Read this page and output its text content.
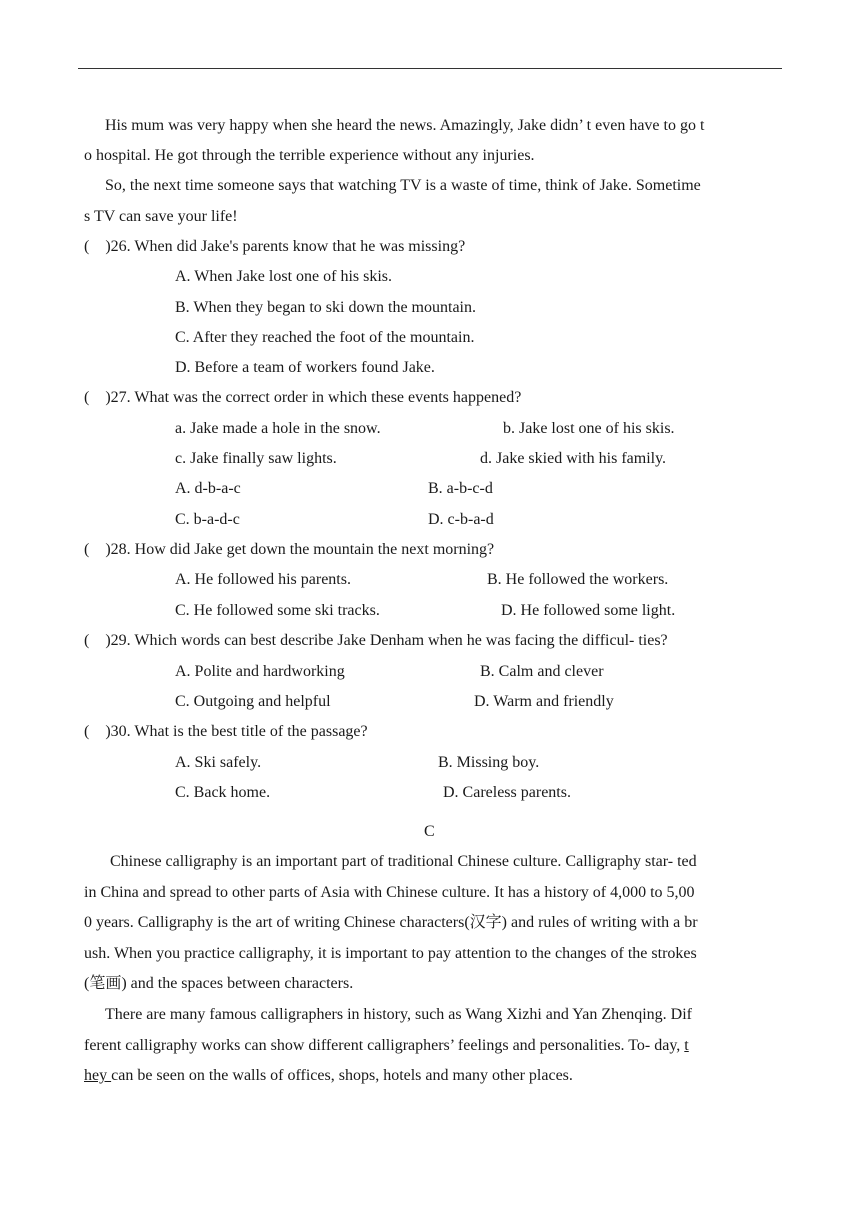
His mum was very happy when she heard the news. Amazingly, Jake didn’ t even have to go t
o hospital. He got through the terrible experience without any injuries.
So, the next time someone says that watching TV is a waste of time, think of Jake. Sometime
s TV can save your life!
(    )26. When did Jake's parents know that he was missing?
A. When Jake lost one of his skis.
B. When they began to ski down the mountain.
C. After they reached the foot of the mountain.
D. Before a team of workers found Jake.
(    )27. What was the correct order in which these events happened?
a. Jake made a hole in the snow.	b. Jake lost one of his skis.
c. Jake finally saw lights.	d. Jake skied with his family.
A. d-b-a-c	B. a-b-c-d
C. b-a-d-c	D. c-b-a-d
(    )28. How did Jake get down the mountain the next morning?
A. He followed his parents.	B. He followed the workers.
C. He followed some ski tracks.	D. He followed some light.
(    )29. Which words can best describe Jake Denham when he was facing the difficul- ties?
A. Polite and hardworking	B. Calm and clever
C. Outgoing and helpful	D. Warm and friendly
(    )30. What is the best title of the passage?
A. Ski safely.	B. Missing boy.
C. Back home.	D. Careless parents.
C
Chinese calligraphy is an important part of traditional Chinese culture. Calligraphy star- ted
in China and spread to other parts of Asia with Chinese culture. It has a history of 4,000 to 5,00
0 years. Calligraphy is the art of writing Chinese characters(汉字) and rules of writing with a br
ush. When you practice calligraphy, it is important to pay attention to the changes of the strokes
(笔画) and the spaces between characters.
There are many famous calligraphers in history, such as Wang Xizhi and Yan Zhenqing. Dif
ferent calligraphy works can show different calligraphers’ feelings and personalities. To- day, t
hey can be seen on the walls of offices, shops, hotels and many other places.
